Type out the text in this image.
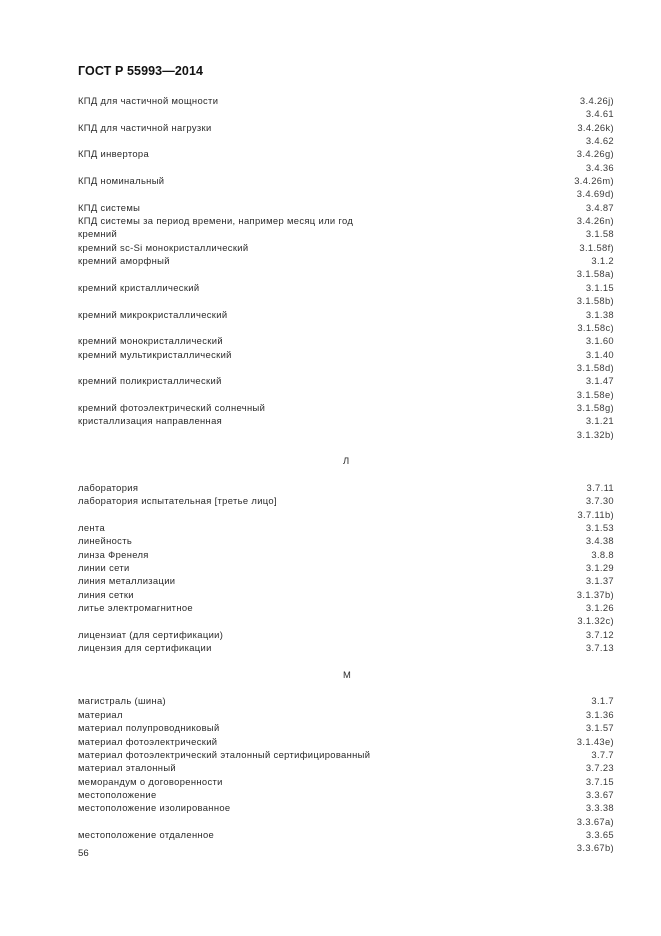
ГОСТ Р 55993—2014
КПД для частичной мощности	3.4.26j)
3.4.61
КПД для частичной нагрузки	3.4.26k)
3.4.62
КПД инвертора	3.4.26g)
3.4.36
КПД номинальный	3.4.26m)
3.4.69d)
КПД системы	3.4.87
КПД системы за период времени, например месяц или год	3.4.26n)
кремний	3.1.58
кремний sc-Si монокристаллический	3.1.58f)
кремний аморфный	3.1.2
3.1.58a)
кремний кристаллический	3.1.15
3.1.58b)
кремний микрокристаллический	3.1.38
3.1.58c)
кремний монокристаллический	3.1.60
кремний мультикристаллический	3.1.40
3.1.58d)
кремний поликристаллический	3.1.47
3.1.58e)
кремний фотоэлектрический солнечный	3.1.58g)
кристаллизация направленная	3.1.21
3.1.32b)
Л
лаборатория	3.7.11
лаборатория испытательная [третье лицо]	3.7.30
3.7.11b)
лента	3.1.53
линейность	3.4.38
линза Френеля	3.8.8
линии сети	3.1.29
линия металлизации	3.1.37
линия сетки	3.1.37b)
литье электромагнитное	3.1.26
3.1.32c)
лицензиат (для сертификации)	3.7.12
лицензия для сертификации	3.7.13
М
магистраль (шина)	3.1.7
материал	3.1.36
материал полупроводниковый	3.1.57
материал фотоэлектрический	3.1.43e)
материал фотоэлектрический эталонный сертифицированный	3.7.7
материал эталонный	3.7.23
меморандум о договоренности	3.7.15
местоположение	3.3.67
местоположение изолированное	3.3.38
3.3.67a)
местоположение отдаленное	3.3.65
3.3.67b)
56
